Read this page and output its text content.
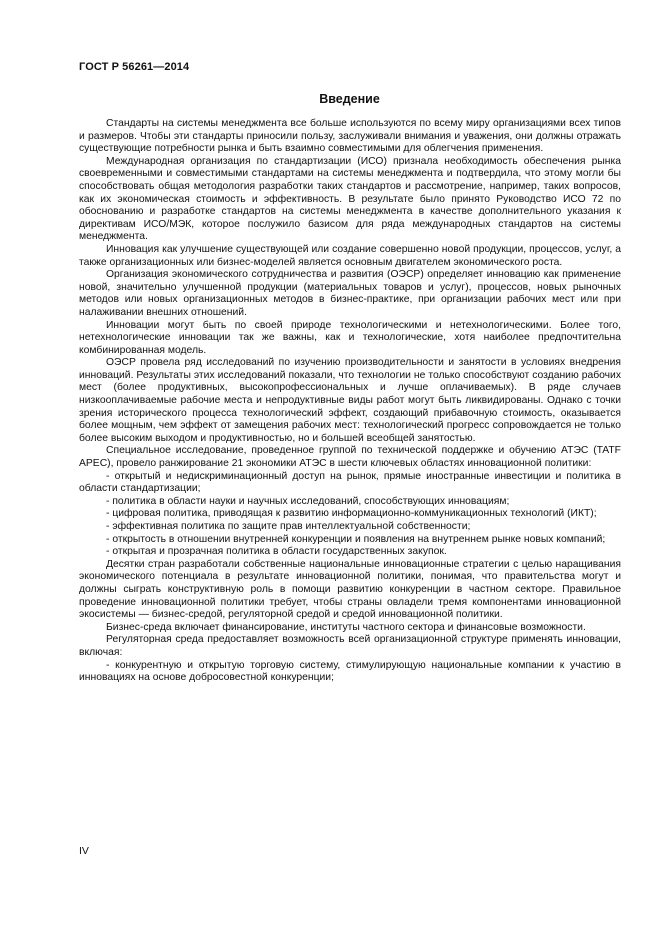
ГОСТ Р 56261—2014
Введение

Стандарты на системы менеджмента все больше используются по всему миру организациями всех типов и размеров. Чтобы эти стандарты приносили пользу, заслуживали внимания и уважения, они должны отражать существующие потребности рынка и быть взаимно совместимыми для облегчения применения.

Международная организация по стандартизации (ИСО) признала необходимость обеспечения рынка своевременными и совместимыми стандартами на системы менеджмента и подтвердила, что этому могли бы способствовать общая методология разработки таких стандартов и рассмотрение, например, таких вопросов, как их экономическая стоимость и эффективность. В результате было принято Руководство ИСО 72 по обоснованию и разработке стандартов на системы менеджмента в качестве дополнительного указания к директивам ИСО/МЭК, которое послужило базисом для ряда международных стандартов на системы менеджмента.

Инновация как улучшение существующей или создание совершенно новой продукции, процессов, услуг, а также организационных или бизнес-моделей является основным двигателем экономического роста.

Организация экономического сотрудничества и развития (ОЭСР) определяет инновацию как применение новой, значительно улучшенной продукции (материальных товаров и услуг), процессов, новых рыночных методов или новых организационных методов в бизнес-практике, при организации рабочих мест или при налаживании внешних отношений.

Инновации могут быть по своей природе технологическими и нетехнологическими. Более того, нетехнологические инновации так же важны, как и технологические, хотя наиболее предпочтительна комбинированная модель.

ОЭСР провела ряд исследований по изучению производительности и занятости в условиях внедрения инноваций. Результаты этих исследований показали, что технологии не только способствуют созданию рабочих мест (более продуктивных, высокопрофессиональных и лучше оплачиваемых). В ряде случаев низкооплачиваемые рабочие места и непродуктивные виды работ могут быть ликвидированы. Однако с точки зрения исторического процесса технологический эффект, создающий прибавочную стоимость, оказывается более мощным, чем эффект от замещения рабочих мест: технологический прогресс сопровождается не только более высоким выходом и продуктивностью, но и большей всеобщей занятостью.

Специальное исследование, проведенное группой по технической поддержке и обучению АТЭС (TATF APEC), провело ранжирование 21 экономики АТЭС в шести ключевых областях инновационной политики:

- открытый и недискриминационный доступ на рынок, прямые иностранные инвестиции и политика в области стандартизации;

- политика в области науки и научных исследований, способствующих инновациям;

- цифровая политика, приводящая к развитию информационно-коммуникационных технологий (ИКТ);

- эффективная политика по защите прав интеллектуальной собственности;

- открытость в отношении внутренней конкуренции и появления на внутреннем рынке новых компаний;

- открытая и прозрачная политика в области государственных закупок.

Десятки стран разработали собственные национальные инновационные стратегии с целью наращивания экономического потенциала в результате инновационной политики, понимая, что правительства могут и должны сыграть конструктивную роль в помощи развитию конкуренции в частном секторе. Правильное проведение инновационной политики требует, чтобы страны овладели тремя компонентами инновационной экосистемы — бизнес-средой, регуляторной средой и средой инновационной политики.

Бизнес-среда включает финансирование, институты частного сектора и финансовые возможности.

Регуляторная среда предоставляет возможность всей организационной структуре применять инновации, включая:

- конкурентную и открытую торговую систему, стимулирующую национальные компании к участию в инновациях на основе добросовестной конкуренции;

IV
